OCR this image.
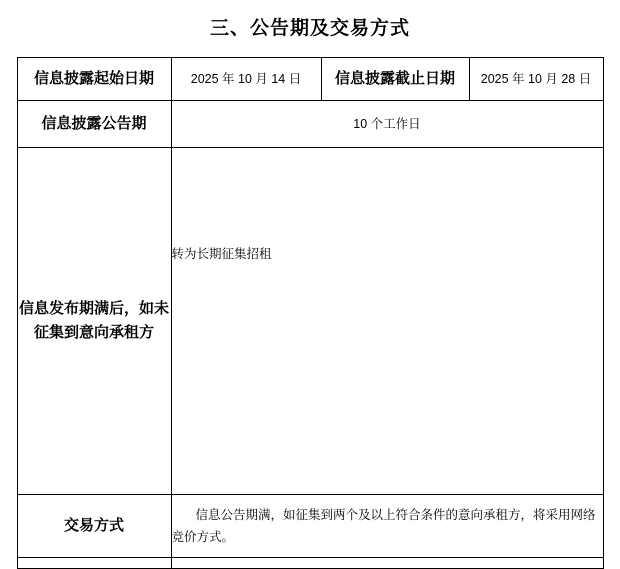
三、公告期及交易方式
信息披露起始日期	2025 年 10 月 14 日	信息披露截止日期	2025 年 10 月 28 日
信息披露公告期	10 个工作日		
信息发布期满后，如未征集到意向承租方	转为长期征集招租		
交易方式	信息公告期满，如征集到两个及以上符合条件的意向承租方，将采用网络竞价方式。		
